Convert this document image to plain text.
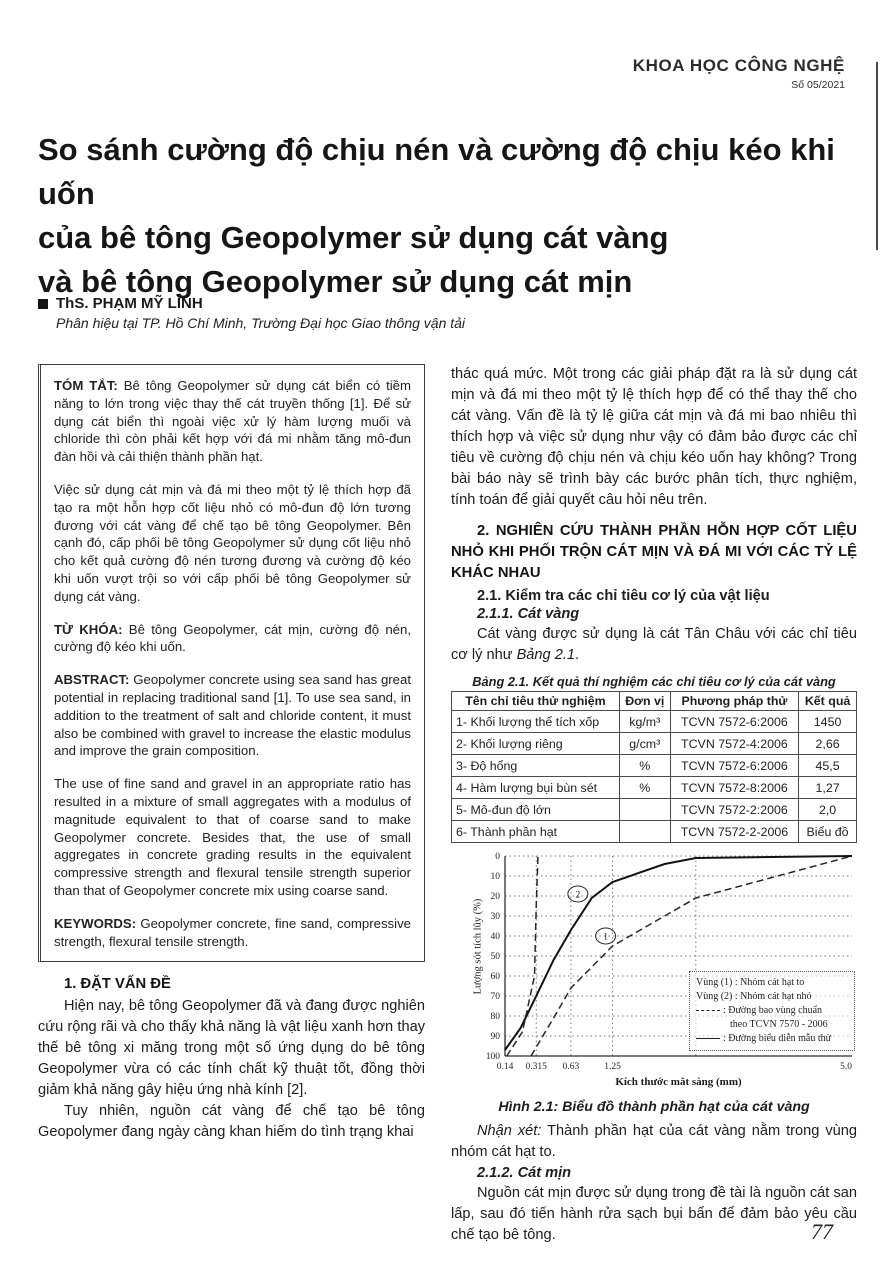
KHOA HỌC CÔNG NGHỆ
Số 05/2021
So sánh cường độ chịu nén và cường độ chịu kéo khi uốn
của bê tông Geopolymer sử dụng cát vàng
và bê tông Geopolymer sử dụng cát mịn
ThS. PHẠM MỸ LINH
Phân hiệu tại TP. Hồ Chí Minh, Trường Đại học Giao thông vận tải

TÓM TẮT: Bê tông Geopolymer sử dụng cát biển có tiềm năng to lớn trong việc thay thế cát truyền thống [1]. Để sử dụng cát biển thì ngoài việc xử lý hàm lượng muối và chloride thì còn phải kết hợp với đá mi nhằm tăng mô-đun đàn hồi và cải thiện thành phần hạt.

Việc sử dụng cát mịn và đá mi theo một tỷ lệ thích hợp đã tạo ra một hỗn hợp cốt liệu nhỏ có mô-đun độ lớn tương đương với cát vàng để chế tạo bê tông Geopolymer. Bên cạnh đó, cấp phối bê tông Geopolymer sử dụng cốt liệu nhỏ cho kết quả cường độ nén tương đương và cường độ kéo khi uốn vượt trội so với cấp phối bê tông Geopolymer sử dụng cát vàng.

TỪ KHÓA: Bê tông Geopolymer, cát mịn, cường độ nén, cường độ kéo khi uốn.

ABSTRACT: Geopolymer concrete using sea sand has great potential in replacing traditional sand [1]. To use sea sand, in addition to the treatment of salt and chloride content, it must also be combined with gravel to increase the elastic modulus and improve the grain composition.

The use of fine sand and gravel in an appropriate ratio has resulted in a mixture of small aggregates with a modulus of magnitude equivalent to that of coarse sand to make Geopolymer concrete. Besides that, the use of small aggregates in concrete grading results in the equivalent compressive strength and flexural tensile strength superior than that of Geopolymer concrete mix using coarse sand.

KEYWORDS: Geopolymer concrete, fine sand, compressive strength, flexural tensile strength.

1. ĐẶT VẤN ĐỀ

Hiện nay, bê tông Geopolymer đã và đang được nghiên cứu rộng rãi và cho thấy khả năng là vật liệu xanh hơn thay thế bê tông xi măng trong một số ứng dụng do bê tông Geopolymer vừa có các tính chất kỹ thuật tốt, đồng thời giảm khả năng gây hiệu ứng nhà kính [2].

Tuy nhiên, nguồn cát vàng để chế tạo bê tông Geopolymer đang ngày càng khan hiếm do tình trạng khai

thác quá mức. Một trong các giải pháp đặt ra là sử dụng cát mịn và đá mi theo một tỷ lệ thích hợp để có thể thay thế cho cát vàng. Vấn đề là tỷ lệ giữa cát mịn và đá mi bao nhiêu thì thích hợp và việc sử dụng như vậy có đảm bảo được các chỉ tiêu về cường độ chịu nén và chịu kéo uốn hay không? Trong bài báo này sẽ trình bày các bước phân tích, thực nghiệm, tính toán để giải quyết câu hỏi nêu trên.

2. NGHIÊN CỨU THÀNH PHẦN HỖN HỢP CỐT LIỆU NHỎ KHI PHỐI TRỘN CÁT MỊN VÀ ĐÁ MI VỚI CÁC TỶ LỆ KHÁC NHAU
2.1. Kiểm tra các chỉ tiêu cơ lý của vật liệu
2.1.1. Cát vàng

Cát vàng được sử dụng là cát Tân Châu với các chỉ tiêu cơ lý như Bảng 2.1.

Bảng 2.1. Kết quả thí nghiệm các chỉ tiêu cơ lý của cát vàng
Tên chỉ tiêu thử nghiệm	Đơn vị	Phương pháp thử	Kết quả
1- Khối lượng thể tích xốp	kg/m³	TCVN 7572-6:2006	1450
2- Khối lượng riêng	g/cm³	TCVN 7572-4:2006	2,66
3- Độ hổng	%	TCVN 7572-6:2006	45,5
4- Hàm lượng bụi bùn sét	%	TCVN 7572-8:2006	1,27
5- Mô-đun độ lớn		TCVN 7572-2:2006	2,0
6- Thành phần hạt		TCVN 7572-2-2006	Biểu đồ
Lượng sót tích lũy (%)
0
10
20
30
40
50
60
70
80
90
100
0.14 0.315 0.63	1.25	5.0
1
2
Kích thước mắt sàng (mm)
Vùng (1) : Nhóm cát hạt to
Vùng (2) : Nhóm cát hạt nhỏ
: Đường bao vùng chuẩn
theo TCVN 7570 - 2006
: Đường biểu diễn mẫu thử
Hình 2.1: Biểu đồ thành phần hạt của cát vàng

Nhận xét: Thành phần hạt của cát vàng nằm trong vùng nhóm cát hạt to.

2.1.2. Cát mịn

Nguồn cát mịn được sử dụng trong đề tài là nguồn cát san lấp, sau đó tiến hành rửa sạch bụi bẩn để đảm bảo yêu cầu chế tạo bê tông.	77
